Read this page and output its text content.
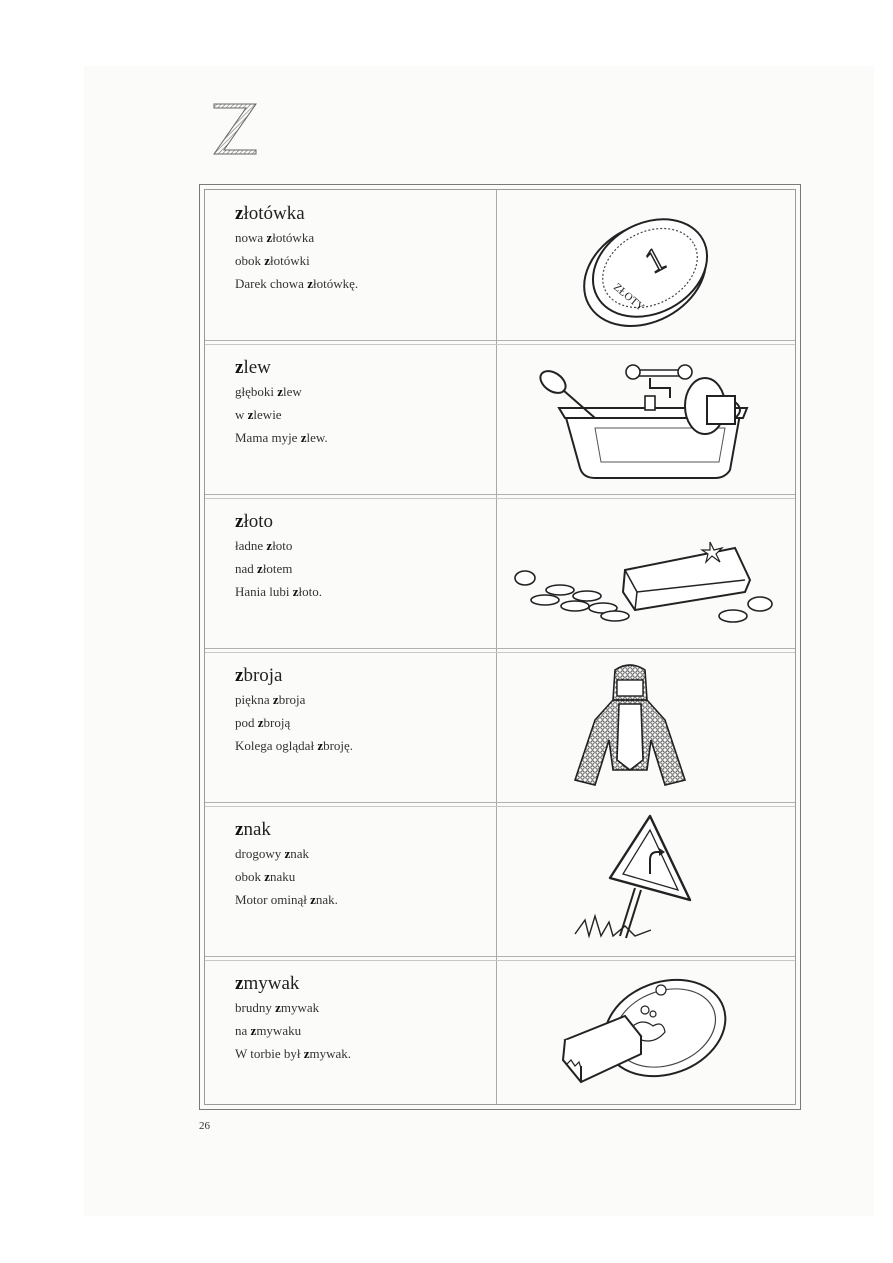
złotówka
nowa złotówka
obok złotówki
Darek chowa złotówkę.
zlew
głęboki zlew
w zlewie
Mama myje zlew.
złoto
ładne złoto
nad złotem
Hania lubi złoto.
zbroja
piękna zbroja
pod zbroją
Kolega oglądał zbroję.
znak
drogowy znak
obok znaku
Motor ominął znak.
zmywak
brudny zmywak
na zmywaku
W torbie był zmywak.
1
ZŁOTY
26
